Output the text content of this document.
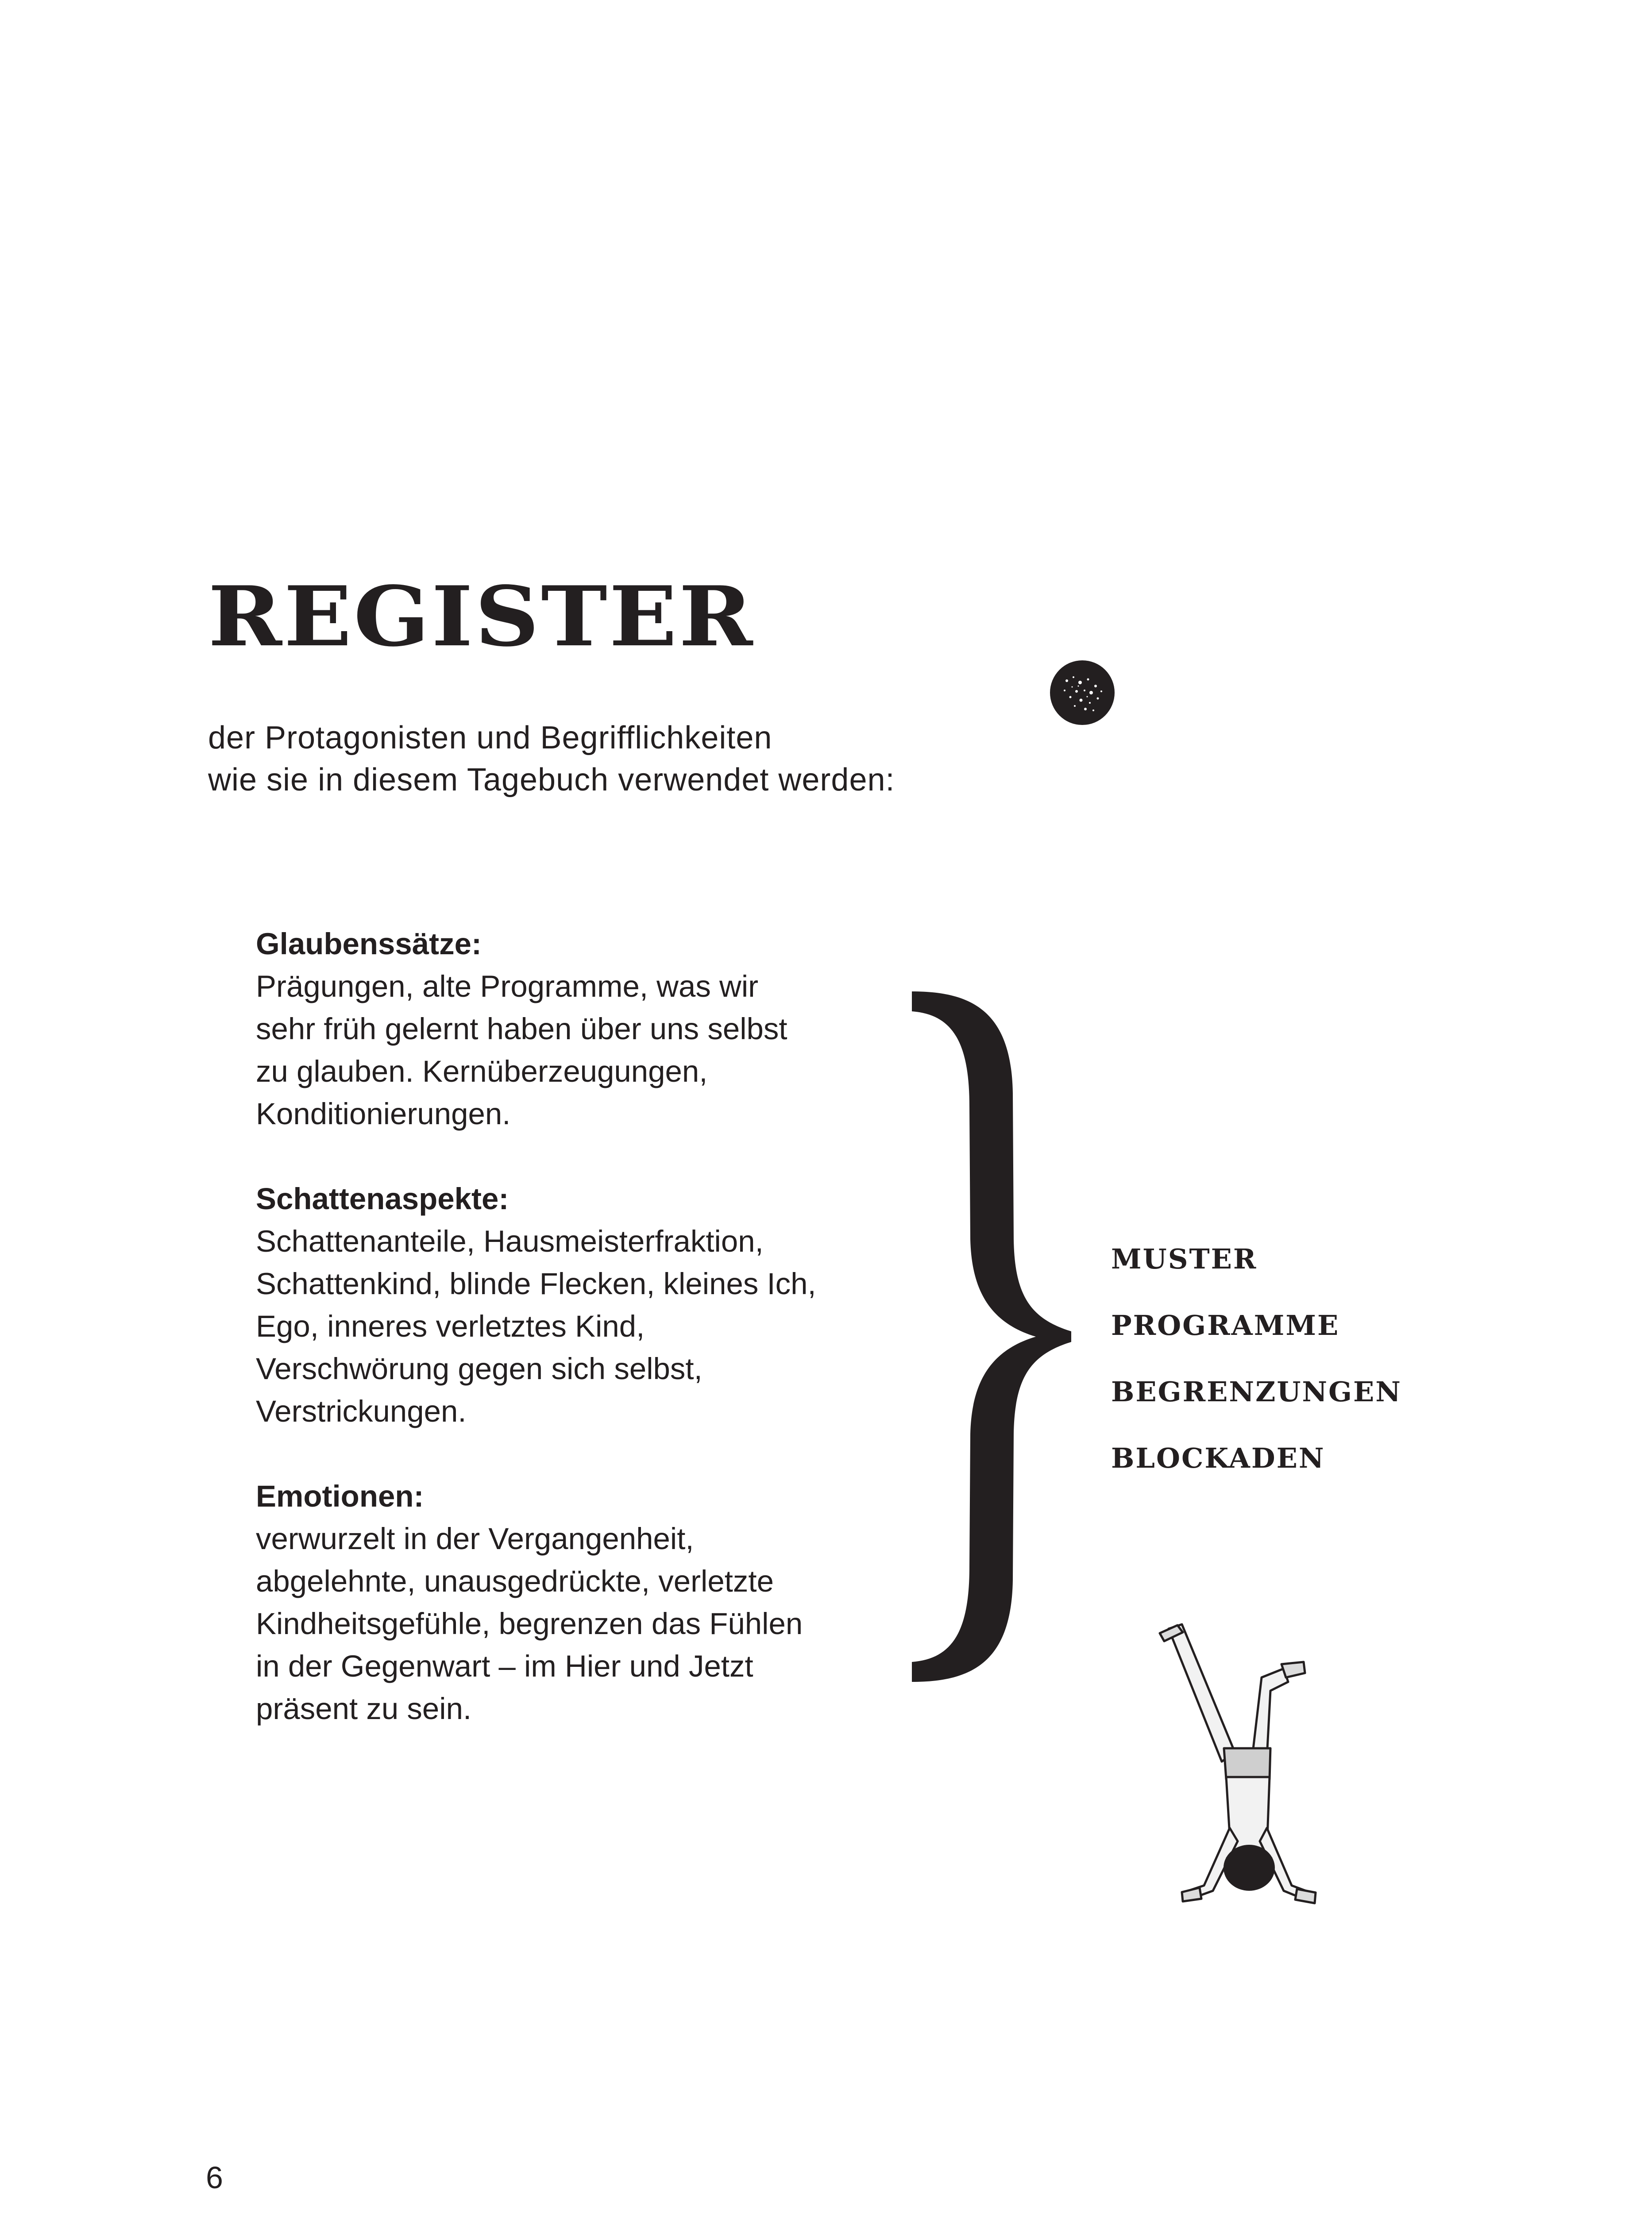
REGISTER
der Protagonisten und Begrifflichkeiten
wie sie in diesem Tagebuch verwendet werden:
Glaubenssätze:
Prägungen, alte Programme, was wir
sehr früh gelernt haben über uns selbst
zu glauben. Kernüberzeugungen,
Konditionierungen.
Schattenaspekte:
Schattenanteile, Hausmeisterfraktion,
Schattenkind, blinde Flecken, kleines Ich,
Ego, inneres verletztes Kind,
Verschwörung gegen sich selbst,
Verstrickungen.
Emotionen:
verwurzelt in der Vergangenheit,
abgelehnte, unausgedrückte, verletzte
Kindheitsgefühle, begrenzen das Fühlen
in der Gegenwart – im Hier und Jetzt
präsent zu sein.
MUSTER
PROGRAMME
BEGRENZUNGEN
BLOCKADEN
6
